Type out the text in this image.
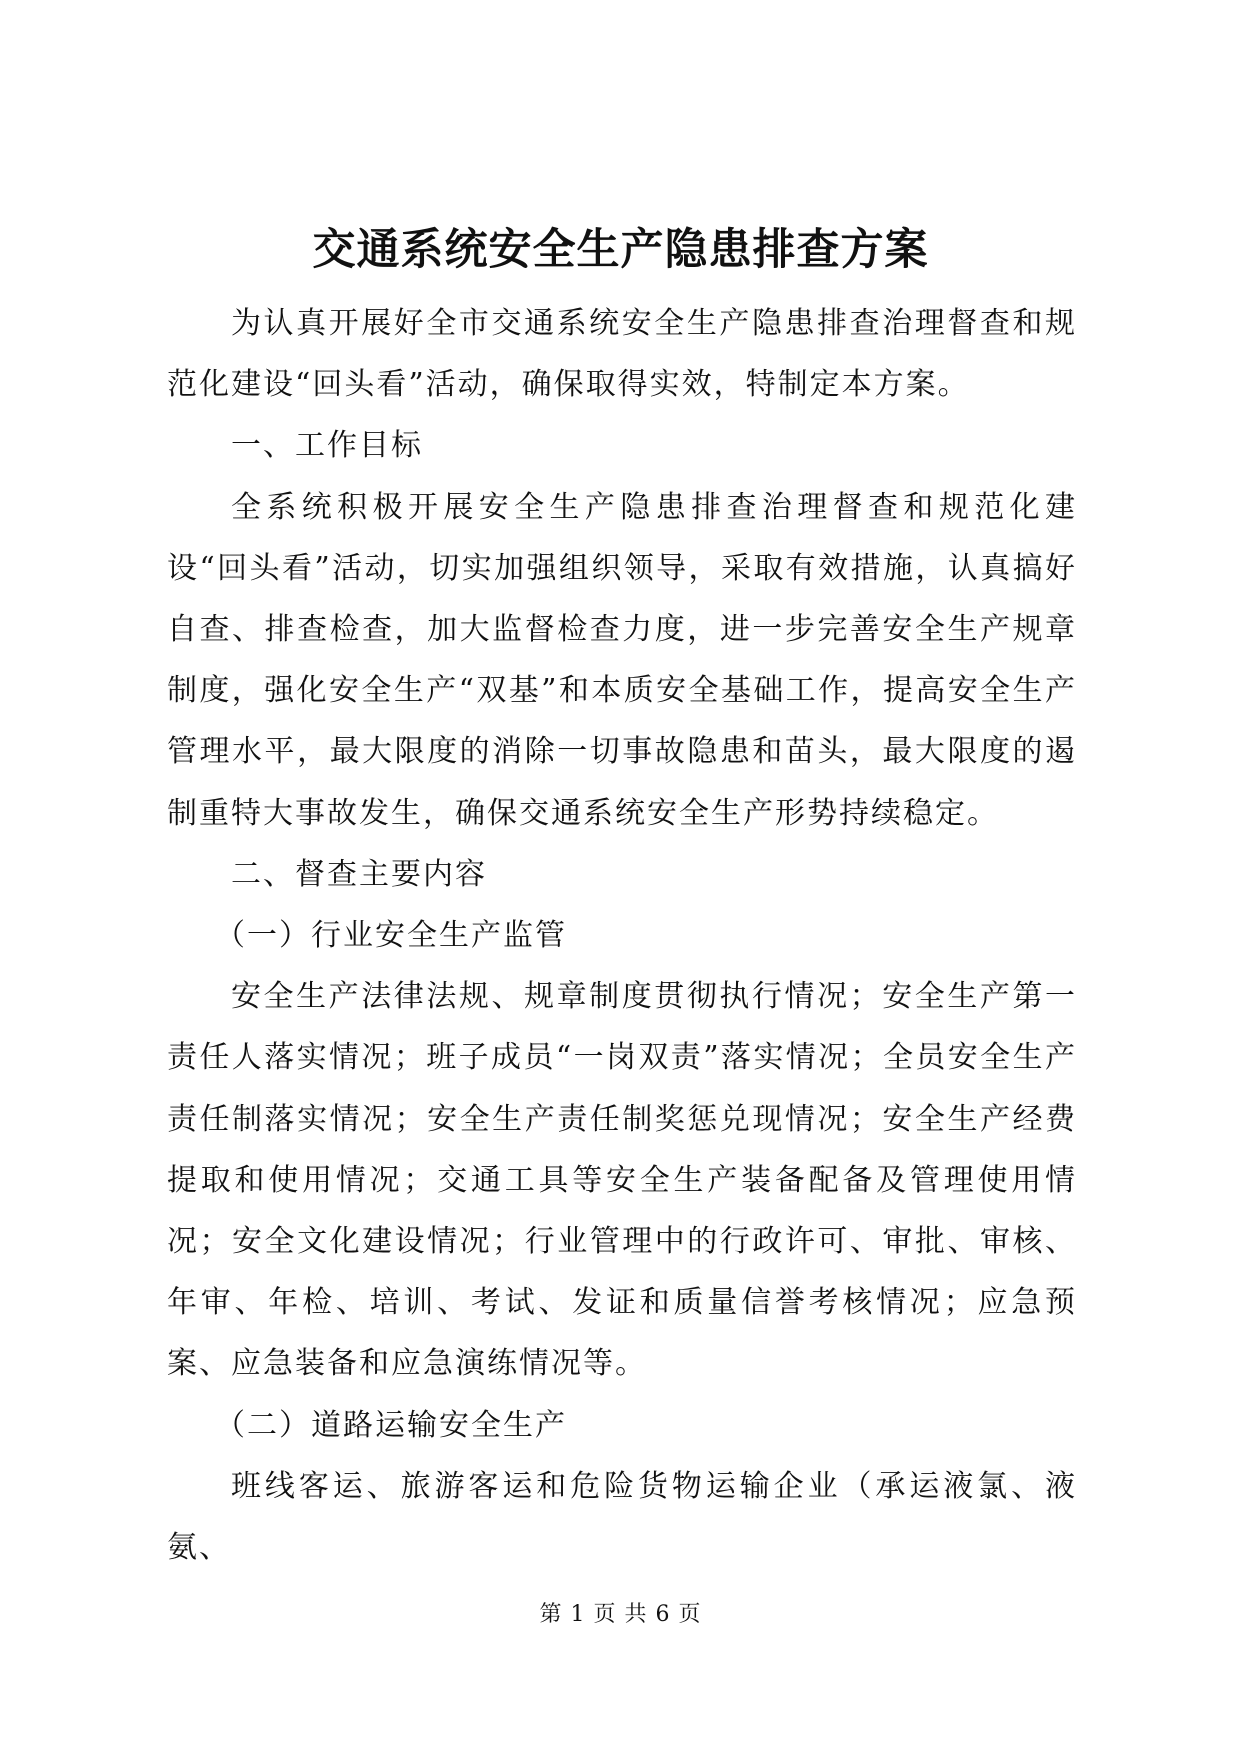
交通系统安全生产隐患排查方案

为认真开展好全市交通系统安全生产隐患排查治理督查和规范化建设“回头看”活动，确保取得实效，特制定本方案。

一、工作目标

全系统积极开展安全生产隐患排查治理督查和规范化建设“回头看”活动，切实加强组织领导，采取有效措施，认真搞好自查、排查检查，加大监督检查力度，进一步完善安全生产规章制度，强化安全生产“双基”和本质安全基础工作，提高安全生产管理水平，最大限度的消除一切事故隐患和苗头，最大限度的遏制重特大事故发生，确保交通系统安全生产形势持续稳定。

二、督查主要内容

（一）行业安全生产监管

安全生产法律法规、规章制度贯彻执行情况；安全生产第一责任人落实情况；班子成员“一岗双责”落实情况；全员安全生产责任制落实情况；安全生产责任制奖惩兑现情况；安全生产经费提取和使用情况；交通工具等安全生产装备配备及管理使用情况；安全文化建设情况；行业管理中的行政许可、审批、审核、年审、年检、培训、考试、发证和质量信誉考核情况；应急预案、应急装备和应急演练情况等。

（二）道路运输安全生产

班线客运、旅游客运和危险货物运输企业（承运液氯、液氨、

第 1 页 共 6 页
